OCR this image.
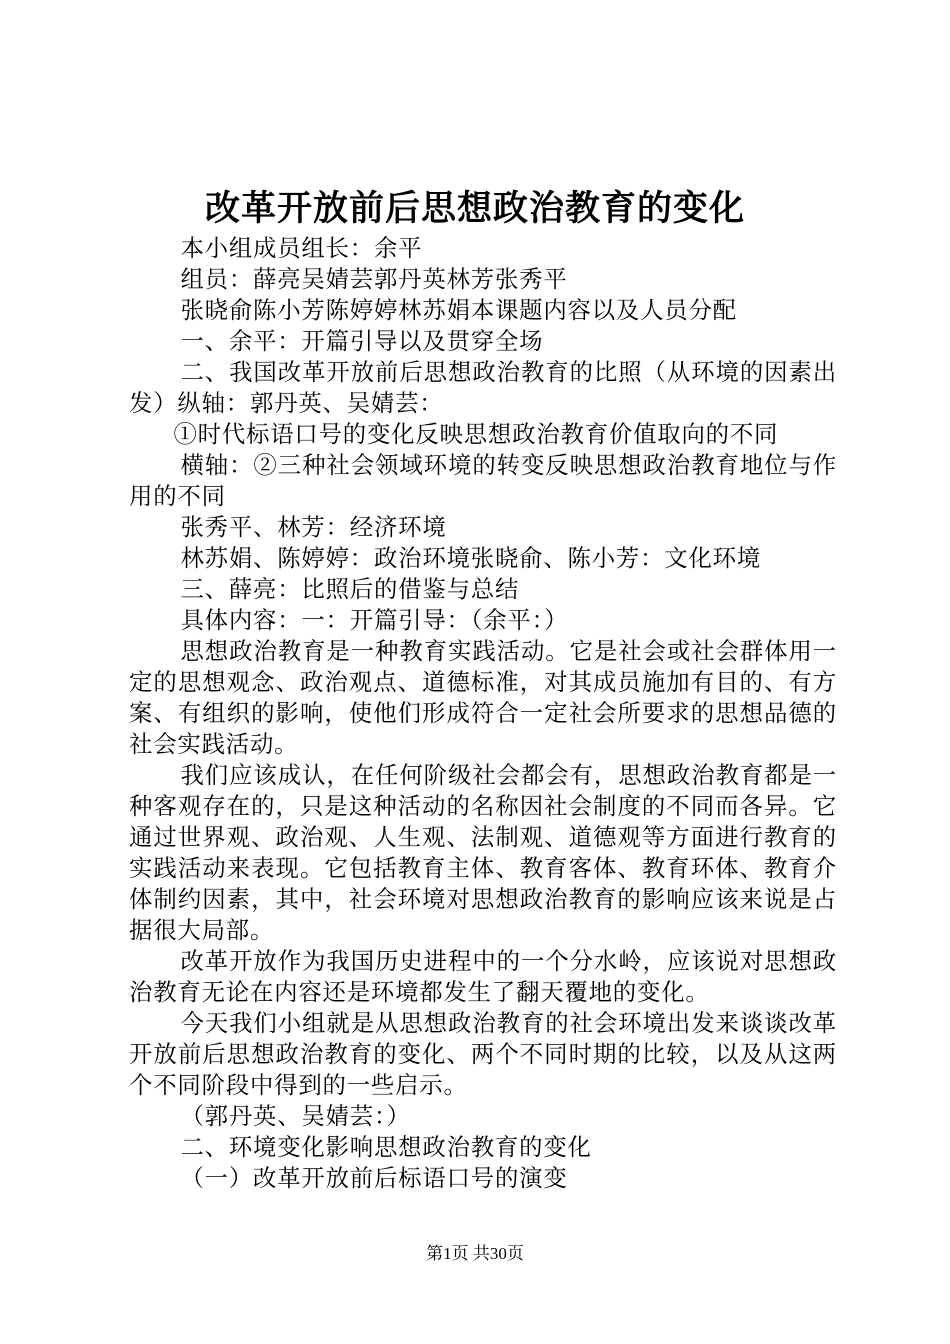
改革开放前后思想政治教育的变化

本小组成员组长：余平

组员：薛亮吴婧芸郭丹英林芳张秀平

张晓俞陈小芳陈婷婷林苏娟本课题内容以及人员分配

一、余平：开篇引导以及贯穿全场

二、我国改革开放前后思想政治教育的比照（从环境的因素出发）纵轴：郭丹英、吴婧芸：

①时代标语口号的变化反映思想政治教育价值取向的不同

横轴：②三种社会领域环境的转变反映思想政治教育地位与作用的不同

张秀平、林芳：经济环境

林苏娟、陈婷婷：政治环境张晓俞、陈小芳：文化环境

三、薛亮：比照后的借鉴与总结

具体内容：一：开篇引导：（余平：）

思想政治教育是一种教育实践活动。它是社会或社会群体用一定的思想观念、政治观点、道德标准，对其成员施加有目的、有方案、有组织的影响，使他们形成符合一定社会所要求的思想品德的社会实践活动。

我们应该成认，在任何阶级社会都会有，思想政治教育都是一种客观存在的，只是这种活动的名称因社会制度的不同而各异。它通过世界观、政治观、人生观、法制观、道德观等方面进行教育的实践活动来表现。它包括教育主体、教育客体、教育环体、教育介体制约因素，其中，社会环境对思想政治教育的影响应该来说是占据很大局部。

改革开放作为我国历史进程中的一个分水岭，应该说对思想政治教育无论在内容还是环境都发生了翻天覆地的变化。

今天我们小组就是从思想政治教育的社会环境出发来谈谈改革开放前后思想政治教育的变化、两个不同时期的比较，以及从这两个不同阶段中得到的一些启示。

（郭丹英、吴婧芸：）

二、环境变化影响思想政治教育的变化

（一）改革开放前后标语口号的演变

第1页 共30页
